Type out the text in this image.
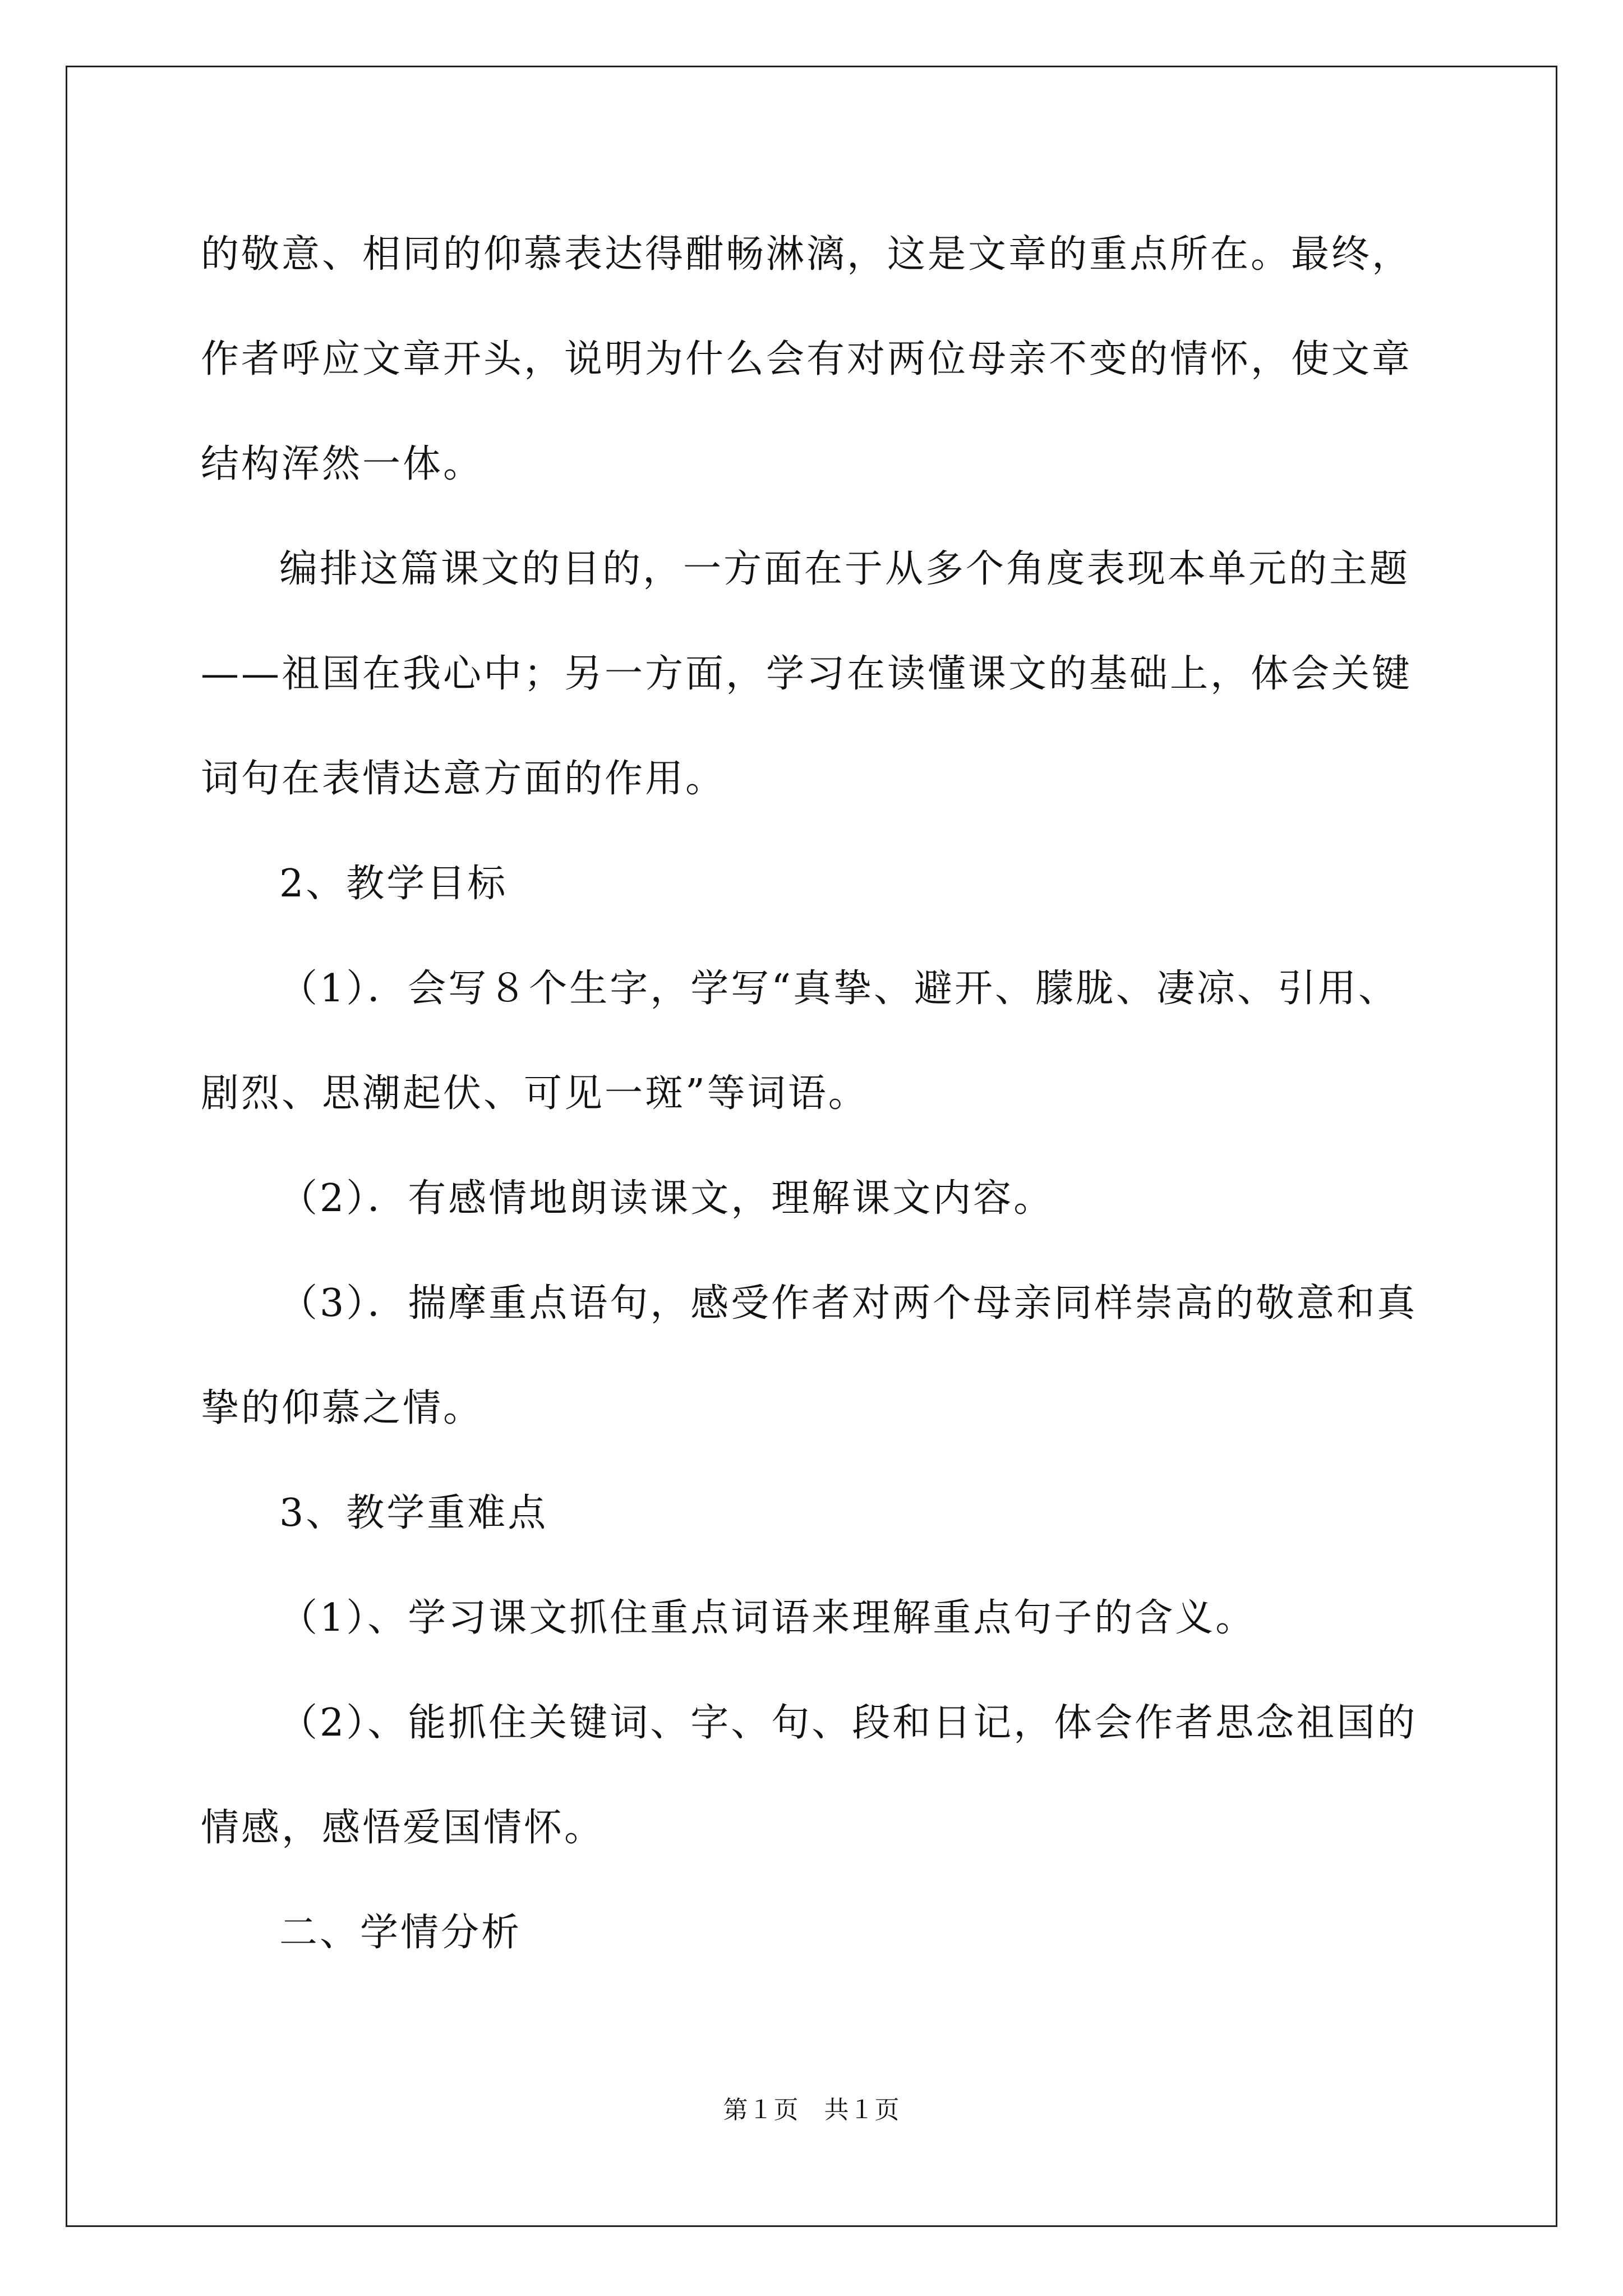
的敬意、相同的仰慕表达得酣畅淋漓，这是文章的重点所在。最终，作者呼应文章开头，说明为什么会有对两位母亲不变的情怀，使文章结构浑然一体。

编排这篇课文的目的，一方面在于从多个角度表现本单元的主题——祖国在我心中；另一方面，学习在读懂课文的基础上，体会关键词句在表情达意方面的作用。

2、教学目标

（1）．会写８个生字，学写“真挚、避开、朦胧、凄凉、引用、剧烈、思潮起伏、可见一斑”等词语。

（2）．有感情地朗读课文，理解课文内容。

（3）．揣摩重点语句，感受作者对两个母亲同样崇高的敬意和真挚的仰慕之情。

3、教学重难点

（1）、学习课文抓住重点词语来理解重点句子的含义。

（2）、能抓住关键词、字、句、段和日记，体会作者思念祖国的情感，感悟爱国情怀。

二、学情分析

第１页　共１页
